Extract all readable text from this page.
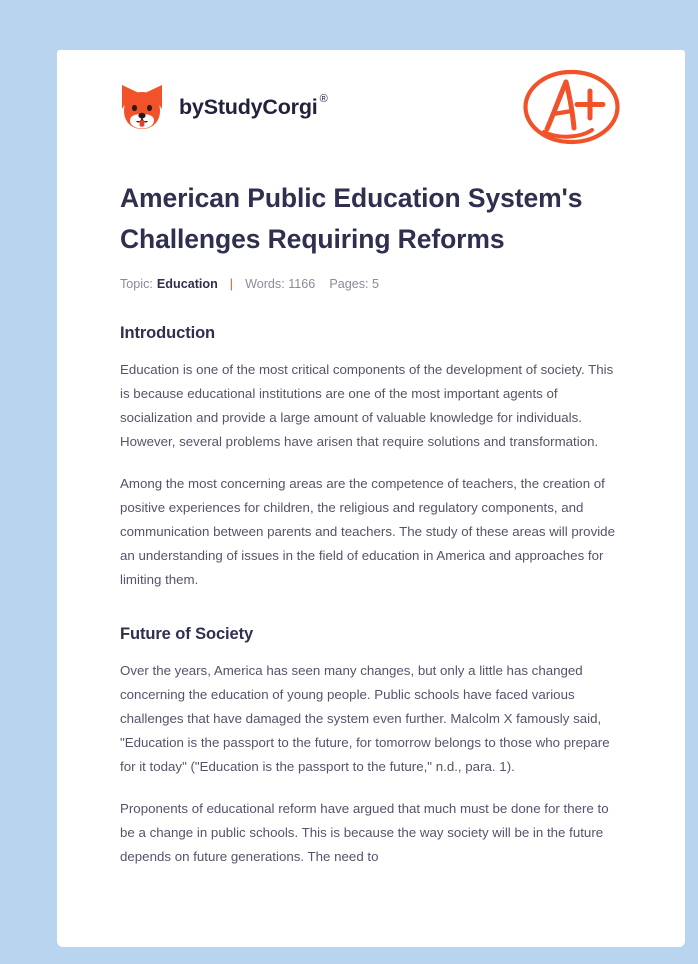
by StudyCorgi ®
American Public Education System's Challenges Requiring Reforms
Topic: Education | Words: 1166 Pages: 5
Introduction

Education is one of the most critical components of the development of society. This is because educational institutions are one of the most important agents of socialization and provide a large amount of valuable knowledge for individuals. However, several problems have arisen that require solutions and transformation.

Among the most concerning areas are the competence of teachers, the creation of positive experiences for children, the religious and regulatory components, and communication between parents and teachers. The study of these areas will provide an understanding of issues in the field of education in America and approaches for limiting them.

Future of Society

Over the years, America has seen many changes, but only a little has changed concerning the education of young people. Public schools have faced various challenges that have damaged the system even further. Malcolm X famously said, "Education is the passport to the future, for tomorrow belongs to those who prepare for it today" ("Education is the passport to the future," n.d., para. 1).

Proponents of educational reform have argued that much must be done for there to be a change in public schools. This is because the way society will be in the future depends on future generations. The need to
